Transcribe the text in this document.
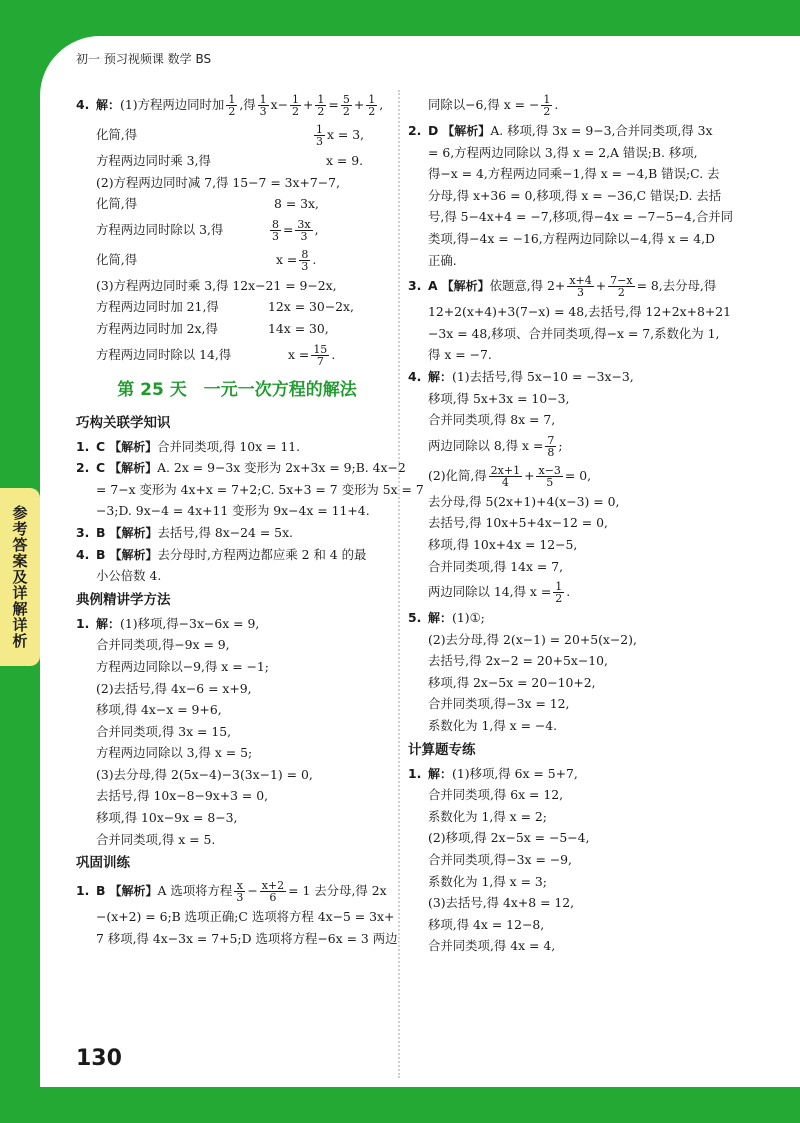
初一 预习视频课 数学 BS
4. 解：(1)方程两边同时加 $\frac{1}{2}$ ,得 $\frac{1}{3} x- \frac{1}{2} + \frac{1}{2} = \frac{5}{2} + \frac{1}{2}$ ,
化简,得	$\frac{1}{3}$ x = 3,
方程两边同时乘 3,得	x = 9.
(2)方程两边同时减 7,得 15−7 = 3x+7−7,
化简,得	8 = 3x,
方程两边同时除以 3,得	$\frac{8}{3} = \frac{3x}{3}$ ,
化简,得	$x = \frac{8}{3}$ .
(3)方程两边同时乘 3,得 12x−21 = 9−2x,
方程两边同时加 21,得	12x = 30−2x,
方程两边同时加 2x,得	14x = 30,
方程两边同时除以 14,得	$x = \frac{15}{7}$ .
第 25 天　一元一次方程的解法
巧构关联学知识
1. C 【解析】合并同类项,得 10x = 11.
2. C 【解析】A. 2x = 9−3x 变形为 2x+3x = 9;B. 4x−2
= 7−x 变形为 4x+x = 7+2;C. 5x+3 = 7 变形为 5x = 7
−3;D. 9x−4 = 4x+11 变形为 9x−4x = 11+4.
3. B 【解析】去括号,得 8x−24 = 5x.
4. B 【解析】去分母时,方程两边都应乘 2 和 4 的最
小公倍数 4.
典例精讲学方法
1. 解：(1)移项,得−3x−6x = 9,
合并同类项,得−9x = 9,
方程两边同除以−9,得 x = −1;
(2)去括号,得 4x−6 = x+9,
移项,得 4x−x = 9+6,
合并同类项,得 3x = 15,
方程两边同除以 3,得 x = 5;
(3)去分母,得 2(5x−4)−3(3x−1) = 0,
去括号,得 10x−8−9x+3 = 0,
移项,得 10x−9x = 8−3,
合并同类项,得 x = 5.
巩固训练
1. B 【解析】A 选项将方程 $\frac{x}{3} - \frac{x+2}{6} = 1$ 去分母,得 2x
−(x+2) = 6;B 选项正确;C 选项将方程 4x−5 = 3x+
7 移项,得 4x−3x = 7+5;D 选项将方程−6x = 3 两边
同除以−6,得 x = − $\frac{1}{2}$ .
2. D 【解析】A. 移项,得 3x = 9−3,合并同类项,得 3x
= 6,方程两边同除以 3,得 x = 2,A 错误;B. 移项,
得−x = 4,方程两边同乘−1,得 x = −4,B 错误;C. 去
分母,得 x+36 = 0,移项,得 x = −36,C 错误;D. 去括
号,得 5−4x+4 = −7,移项,得−4x = −7−5−4,合并同
类项,得−4x = −16,方程两边同除以−4,得 x = 4,D
正确.
3. A 【解析】依题意,得 $2+ \frac{x+4}{3} + \frac{7-x}{2} = 8$,去分母,得
12+2(x+4)+3(7−x) = 48,去括号,得 12+2x+8+21
−3x = 48,移项、合并同类项,得−x = 7,系数化为 1,
得 x = −7.
4. 解：(1)去括号,得 5x−10 = −3x−3,
移项,得 5x+3x = 10−3,
合并同类项,得 8x = 7,
两边同除以 8,得 $x = \frac{7}{8}$ ;
(2)化简,得 $\frac{2x+1}{4} + \frac{x-3}{5} = 0$,
去分母,得 5(2x+1)+4(x−3) = 0,
去括号,得 10x+5+4x−12 = 0,
移项,得 10x+4x = 12−5,
合并同类项,得 14x = 7,
两边同除以 14,得 $x = \frac{1}{2}$ .
5. 解：(1)①;
(2)去分母,得 2(x−1) = 20+5(x−2),
去括号,得 2x−2 = 20+5x−10,
移项,得 2x−5x = 20−10+2,
合并同类项,得−3x = 12,
系数化为 1,得 x = −4.
计算题专练
1. 解：(1)移项,得 6x = 5+7,
合并同类项,得 6x = 12,
系数化为 1,得 x = 2;
(2)移项,得 2x−5x = −5−4,
合并同类项,得−3x = −9,
系数化为 1,得 x = 3;
(3)去括号,得 4x+8 = 12,
移项,得 4x = 12−8,
合并同类项,得 4x = 4,
130
参考答案及详解详析
